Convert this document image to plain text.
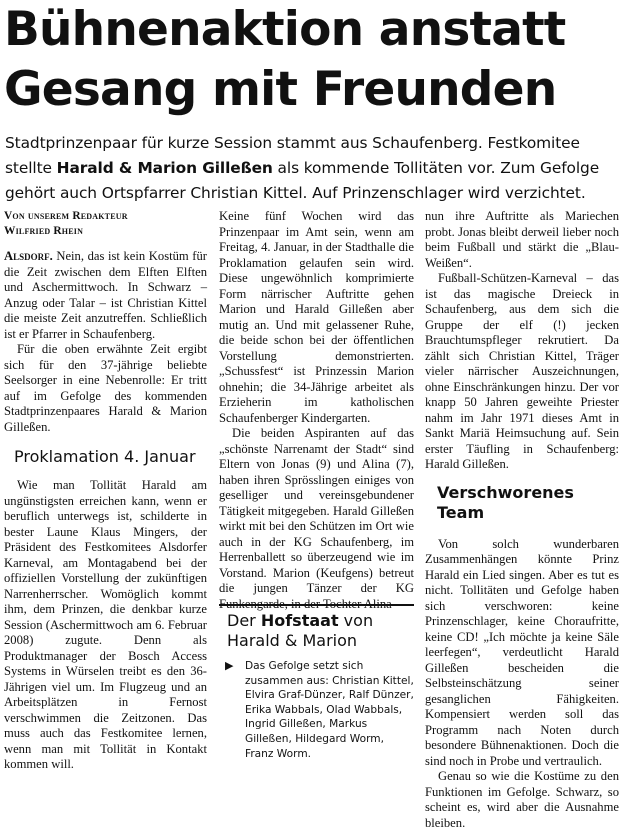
Bühnenaktion anstatt
Gesang mit Freunden

Stadtprinzenpaar für kurze Session stammt aus Schaufenberg. Festkomitee stellte Harald & Marion Gilleßen als kommende Tollitäten vor. Zum Gefolge gehört auch Ortspfarrer Christian Kittel. Auf Prinzenschlager wird verzichtet.

Von unserem Redakteur
Wilfried Rhein

Alsdorf. Nein, das ist kein Kostüm für die Zeit zwischen dem Elften Elften und Aschermittwoch. In Schwarz – Anzug oder Talar – ist Christian Kittel die meiste Zeit anzutreffen. Schließlich ist er Pfarrer in Schaufenberg.

Für die oben erwähnte Zeit ergibt sich für den 37-jährige beliebte Seelsorger in eine Nebenrolle: Er tritt auf im Gefolge des kommenden Stadtprinzenpaares Harald & Marion Gilleßen.

Proklamation 4. Januar

Wie man Tollität Harald am ungünstigsten erreichen kann, wenn er beruflich unterwegs ist, schilderte in bester Laune Klaus Mingers, der Präsident des Festkomitees Alsdorfer Karneval, am Montagabend bei der offiziellen Vorstellung der zukünftigen Narrenherrscher. Womöglich kommt ihm, dem Prinzen, die denkbar kurze Session (Aschermittwoch am 6. Februar 2008) zugute. Denn als Produktmanager der Bosch Access Systems in Würselen treibt es den 36-Jährigen viel um. Im Flugzeug und an Arbeitsplätzen in Fernost verschwimmen die Zeitzonen. Das muss auch das Festkomitee lernen, wenn man mit Tollität in Kontakt kommen will.

Keine fünf Wochen wird das Prinzenpaar im Amt sein, wenn am Freitag, 4. Januar, in der Stadthalle die Proklamation gelaufen sein wird. Diese ungewöhnlich komprimierte Form närrischer Auftritte gehen Marion und Harald Gilleßen aber mutig an. Und mit gelassener Ruhe, die beide schon bei der öffentlichen Vorstellung demonstrierten. „Schussfest“ ist Prinzessin Marion ohnehin; die 34-Jährige arbeitet als Erzieherin im katholischen Schaufenberger Kindergarten.

Die beiden Aspiranten auf das „schönste Narrenamt der Stadt“ sind Eltern von Jonas (9) und Alina (7), haben ihren Sprösslingen einiges von geselliger und vereinsgebundener Tätigkeit mitgegeben. Harald Gilleßen wirkt mit bei den Schützen im Ort wie auch in der KG Schaufenberg, im Herrenballett so überzeugend wie im Vorstand. Marion (Keufgens) betreut die jungen Tänzer der KG Funkengarde, in der Tochter Alina

Der Hofstaat von
Harald & Marion

▶ Das Gefolge setzt sich zusammen aus: Christian Kittel, Elvira Graf-Dünzer, Ralf Dünzer, Erika Wabbals, Olad Wabbals, Ingrid Gilleßen, Markus Gilleßen, Hildegard Worm, Franz Worm.

nun ihre Auftritte als Mariechen probt. Jonas bleibt derweil lieber noch beim Fußball und stärkt die „Blau-Weißen“.

Fußball-Schützen-Karneval – das ist das magische Dreieck in Schaufenberg, aus dem sich die Gruppe der elf (!) jecken Brauchtumspfleger rekrutiert. Da zählt sich Christian Kittel, Träger vieler närrischer Auszeichnungen, ohne Einschränkungen hinzu. Der vor knapp 50 Jahren geweihte Priester nahm im Jahr 1971 dieses Amt in Sankt Mariä Heimsuchung auf. Sein erster Täufling in Schaufenberg: Harald Gilleßen.

Verschworenes Team

Von solch wunderbaren Zusammenhängen könnte Prinz Harald ein Lied singen. Aber es tut es nicht. Tollitäten und Gefolge haben sich verschworen: keine Prinzenschlager, keine Choraufritte, keine CD! „Ich möchte ja keine Säle leerfegen“, verdeutlicht Harald Gilleßen bescheiden die Selbsteinschätzung seiner gesanglichen Fähigkeiten. Kompensiert werden soll das Programm nach Noten durch besondere Bühnenaktionen. Doch die sind noch in Probe und vertraulich.

Genau so wie die Kostüme zu den Funktionen im Gefolge. Schwarz, so scheint es, wird aber die Ausnahme bleiben.
